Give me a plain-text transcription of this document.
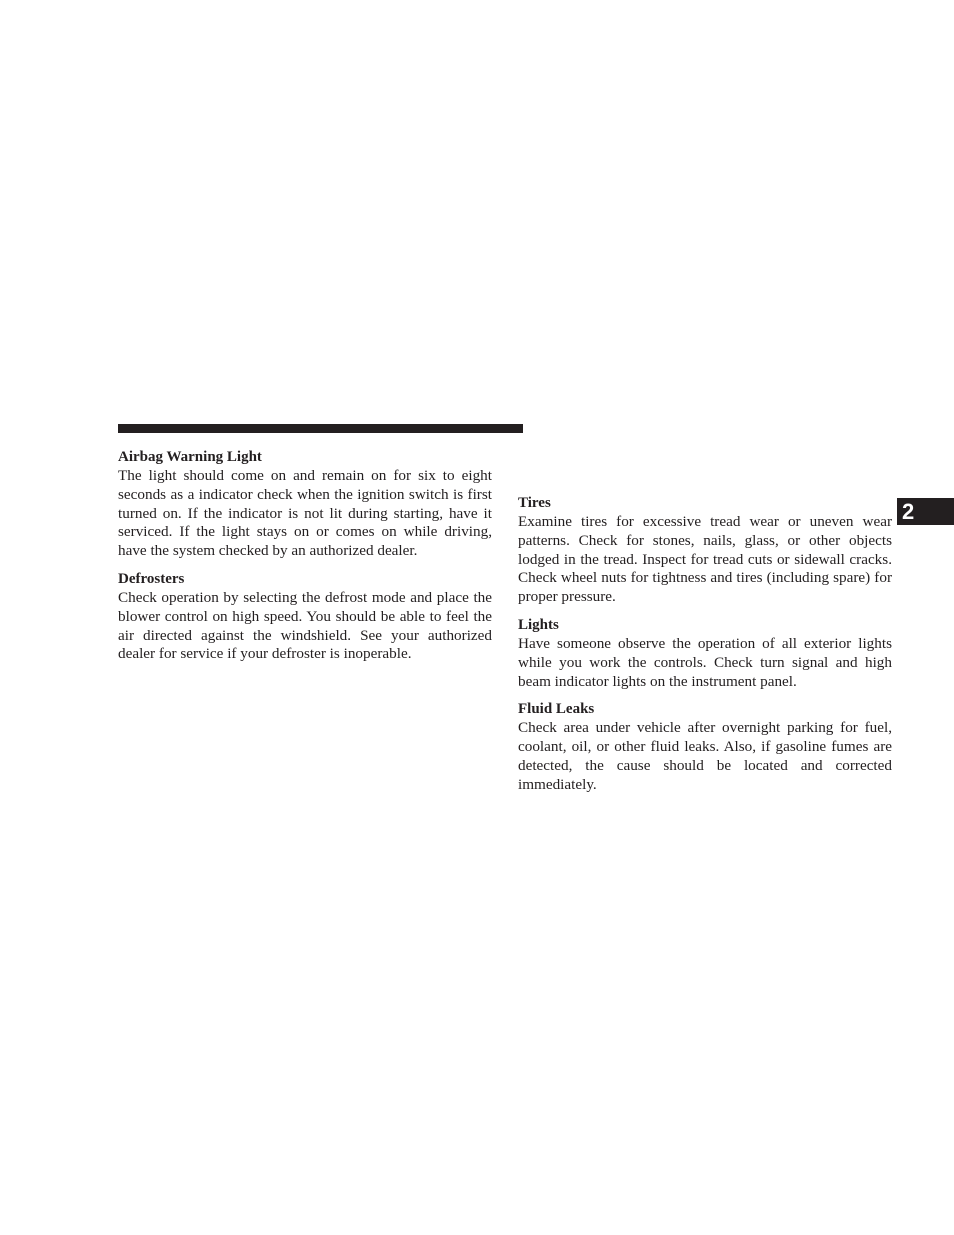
Airbag Warning Light

The light should come on and remain on for six to eight seconds as a indicator check when the ignition switch is first turned on. If the indicator is not lit during starting, have it serviced. If the light stays on or comes on while driving, have the system checked by an authorized dealer.

Defrosters

Check operation by selecting the defrost mode and place the blower control on high speed. You should be able to feel the air directed against the windshield. See your authorized dealer for service if your defroster is inoperable.

Tires

Examine tires for excessive tread wear or uneven wear patterns. Check for stones, nails, glass, or other objects lodged in the tread. Inspect for tread cuts or sidewall cracks. Check wheel nuts for tightness and tires (including spare) for proper pressure.

Lights

Have someone observe the operation of all exterior lights while you work the controls. Check turn signal and high beam indicator lights on the instrument panel.

Fluid Leaks

Check area under vehicle after overnight parking for fuel, coolant, oil, or other fluid leaks. Also, if gasoline fumes are detected, the cause should be located and corrected immediately.

2
